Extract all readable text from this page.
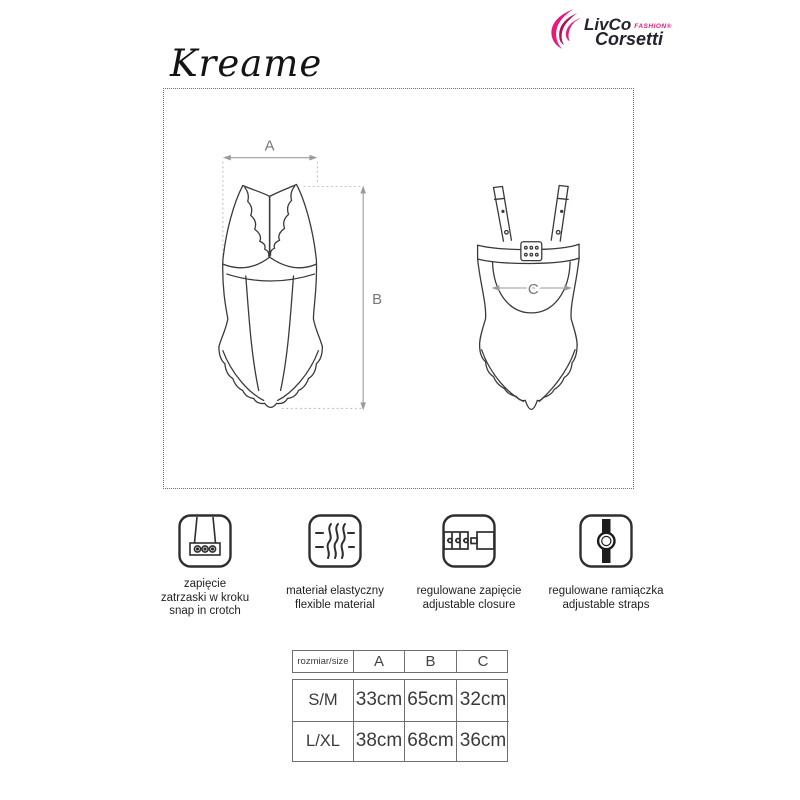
LivCo FASHION®
Corsetti
Kreame
A
B
C
zapięcie
zatrzaski w kroku
snap in crotch
materiał elastyczny
flexible material
regulowane zapięcie
adjustable closure
regulowane ramiączka
adjustable straps
rozmiar/size	A	B	C
S/M 33cm 65cm 32cm
L/XL 38cm 68cm 36cm
